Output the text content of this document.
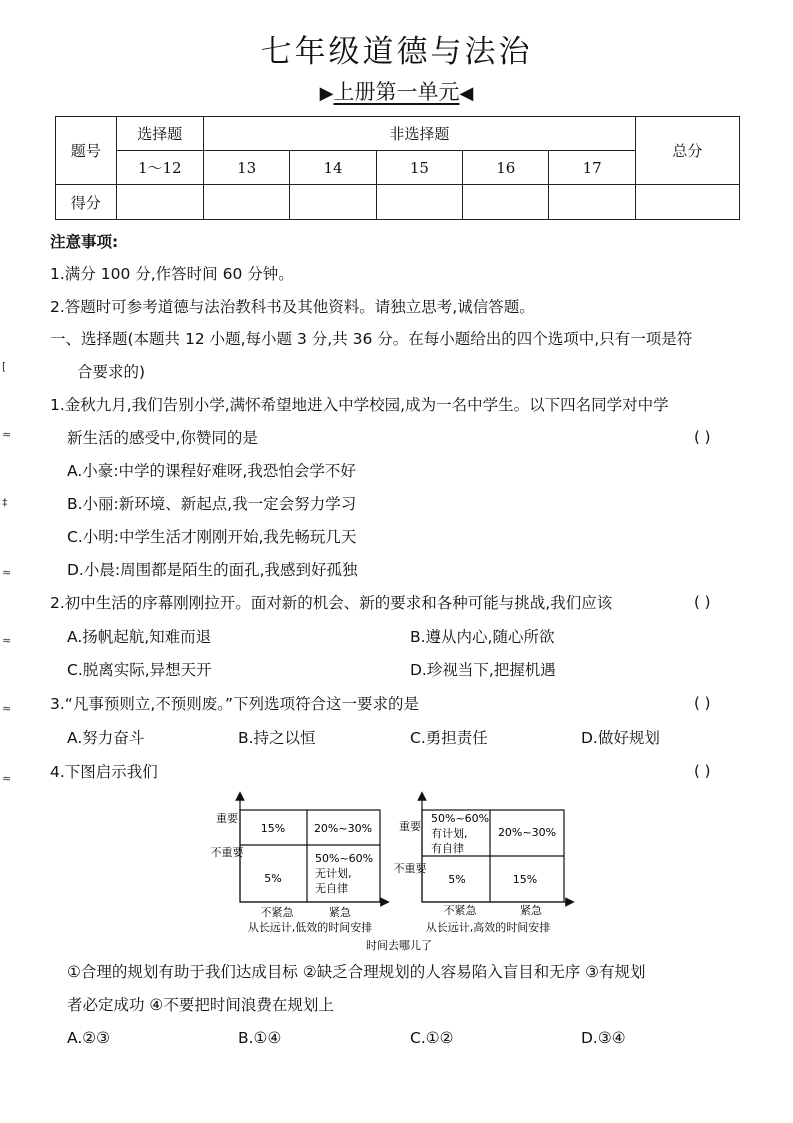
[
≈
‡
≈
≈
≈
≈
七年级道德与法治
▶上册第一单元◀
题号	选择题	非选择题					总分
	1～12	13	14	15	16	17	
得分							
注意事项:
1.满分 100 分,作答时间 60 分钟。
2.答题时可参考道德与法治教科书及其他资料。请独立思考,诚信答题。
一、选择题(本题共 12 小题,每小题 3 分,共 36 分。在每小题给出的四个选项中,只有一项是符
合要求的)
1.金秋九月,我们告别小学,满怀希望地进入中学校园,成为一名中学生。以下四名同学对中学
新生活的感受中,你赞同的是	( )
A.小豪:中学的课程好难呀,我恐怕会学不好
B.小丽:新环境、新起点,我一定会努力学习
C.小明:中学生活才刚刚开始,我先畅玩几天
D.小晨:周围都是陌生的面孔,我感到好孤独
2.初中生活的序幕刚刚拉开。面对新的机会、新的要求和各种可能与挑战,我们应该	( )
A.扬帆起航,知难而退	B.遵从内心,随心所欲
C.脱离实际,异想天开	D.珍视当下,把握机遇
3.“凡事预则立,不预则废。”下列选项符合这一要求的是	( )
A.努力奋斗	B.持之以恒	C.勇担责任	D.做好规划
4.下图启示我们	( )
重要
不重要
15%	20%~30%
5%
50%~60%
无计划,
无自律
不紧急	紧急
从长远计,低效的时间安排
重要
不重要
50%~60%
有计划,
有自律
20%~30%
5%	15%
不紧急	紧急
从长远计,高效的时间安排
时间去哪儿了
①合理的规划有助于我们达成目标 ②缺乏合理规划的人容易陷入盲目和无序 ③有规划
者必定成功 ④不要把时间浪费在规划上
A.②③	B.①④	C.①②	D.③④
